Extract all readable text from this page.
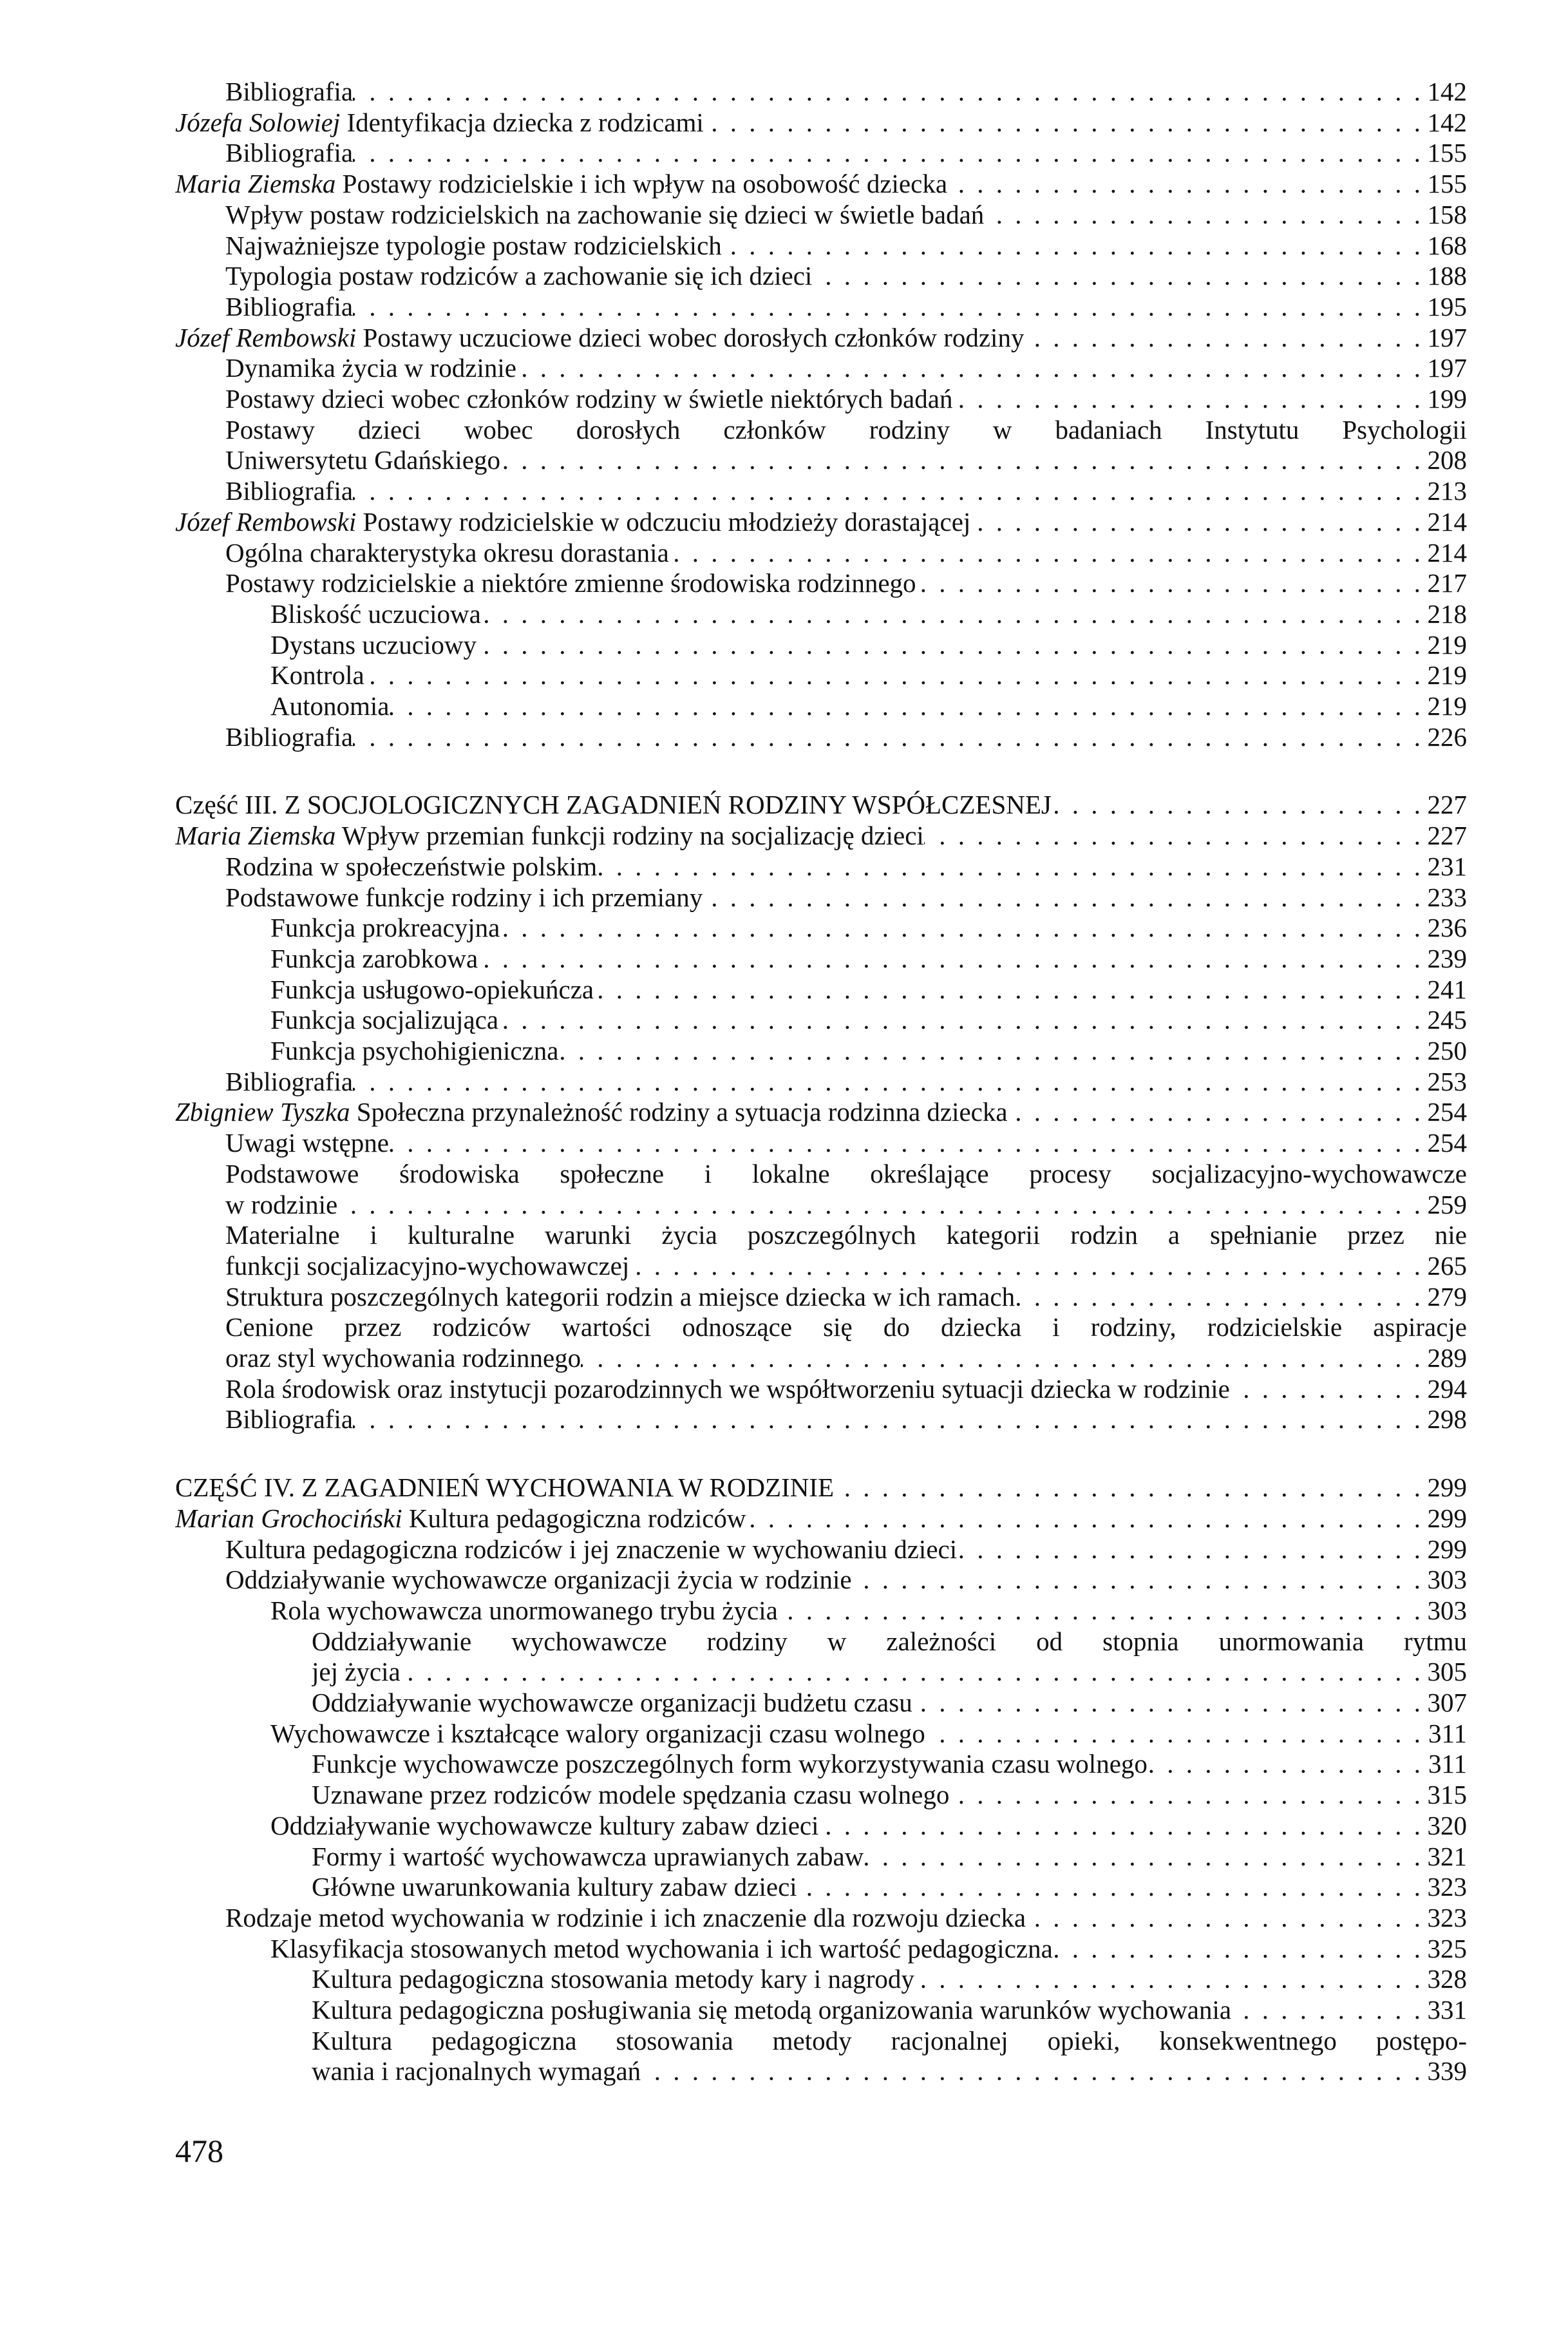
Bibliografia . . .	142
Józefa Solowiej Identyfikacja dziecka z rodzicami . . .	142
Bibliografia . . .	155
Maria Ziemska Postawy rodzicielskie i ich wpływ na osobowość dziecka . . .	155
Wpływ postaw rodzicielskich na zachowanie się dzieci w świetle badań . . .	158
Najważniejsze typologie postaw rodzicielskich . . .	168
Typologia postaw rodziców a zachowanie się ich dzieci . . .	188
Bibliografia . . .	195
Józef Rembowski Postawy uczuciowe dzieci wobec dorosłych członków rodziny . . .	197
Dynamika życia w rodzinie . . .	197
Postawy dzieci wobec członków rodziny w świetle niektórych badań . . .	199
Postawy dzieci wobec dorosłych członków rodziny w badaniach Instytutu Psychologii
Uniwersytetu Gdańskiego . . .	208
Bibliografia . . .	213
Józef Rembowski Postawy rodzicielskie w odczuciu młodzieży dorastającej . . .	214
Ogólna charakterystyka okresu dorastania . . .	214
Postawy rodzicielskie a niektóre zmienne środowiska rodzinnego . . .	217
Bliskość uczuciowa . . .	218
Dystans uczuciowy . . .	219
Kontrola . . .	219
Autonomia . . .	219
Bibliografia . . .	226
Część III. Z SOCJOLOGICZNYCH ZAGADNIEŃ RODZINY WSPÓŁCZESNEJ . . .	227
Maria Ziemska Wpływ przemian funkcji rodziny na socjalizację dzieci . . .	227
Rodzina w społeczeństwie polskim . . .	231
Podstawowe funkcje rodziny i ich przemiany . . .	233
Funkcja prokreacyjna . . .	236
Funkcja zarobkowa . . .	239
Funkcja usługowo-opiekuńcza . . .	241
Funkcja socjalizująca . . .	245
Funkcja psychohigieniczna . . .	250
Bibliografia . . .	253
Zbigniew Tyszka Społeczna przynależność rodziny a sytuacja rodzinna dziecka . . .	254
Uwagi wstępne . . .	254
Podstawowe środowiska społeczne i lokalne określające procesy socjalizacyjno-wychowawcze
w rodzinie . . .	259
Materialne i kulturalne warunki życia poszczególnych kategorii rodzin a spełnianie przez nie
funkcji socjalizacyjno-wychowawczej . . .	265
Struktura poszczególnych kategorii rodzin a miejsce dziecka w ich ramach . . .	279
Cenione przez rodziców wartości odnoszące się do dziecka i rodziny, rodzicielskie aspiracje
oraz styl wychowania rodzinnego . . .	289
Rola środowisk oraz instytucji pozarodzinnych we współtworzeniu sytuacji dziecka w rodzinie . . .	294
Bibliografia . . .	298
CZĘŚĆ IV. Z ZAGADNIEŃ WYCHOWANIA W RODZINIE . . .	299
Marian Grochociński Kultura pedagogiczna rodziców . . .	299
Kultura pedagogiczna rodziców i jej znaczenie w wychowaniu dzieci . . .	299
Oddziaływanie wychowawcze organizacji życia w rodzinie . . .	303
Rola wychowawcza unormowanego trybu życia . . .	303
Oddziaływanie wychowawcze rodziny w zależności od stopnia unormowania rytmu
jej życia . . .	305
Oddziaływanie wychowawcze organizacji budżetu czasu . . .	307
Wychowawcze i kształcące walory organizacji czasu wolnego . . .	311
Funkcje wychowawcze poszczególnych form wykorzystywania czasu wolnego . . .	311
Uznawane przez rodziców modele spędzania czasu wolnego . . .	315
Oddziaływanie wychowawcze kultury zabaw dzieci . . .	320
Formy i wartość wychowawcza uprawianych zabaw . . .	321
Główne uwarunkowania kultury zabaw dzieci . . .	323
Rodzaje metod wychowania w rodzinie i ich znaczenie dla rozwoju dziecka . . .	323
Klasyfikacja stosowanych metod wychowania i ich wartość pedagogiczna . . .	325
Kultura pedagogiczna stosowania metody kary i nagrody . . .	328
Kultura pedagogiczna posługiwania się metodą organizowania warunków wychowania . . .	331
Kultura pedagogiczna stosowania metody racjonalnej opieki, konsekwentnego postępo-
wania i racjonalnych wymagań . . .	339
478
